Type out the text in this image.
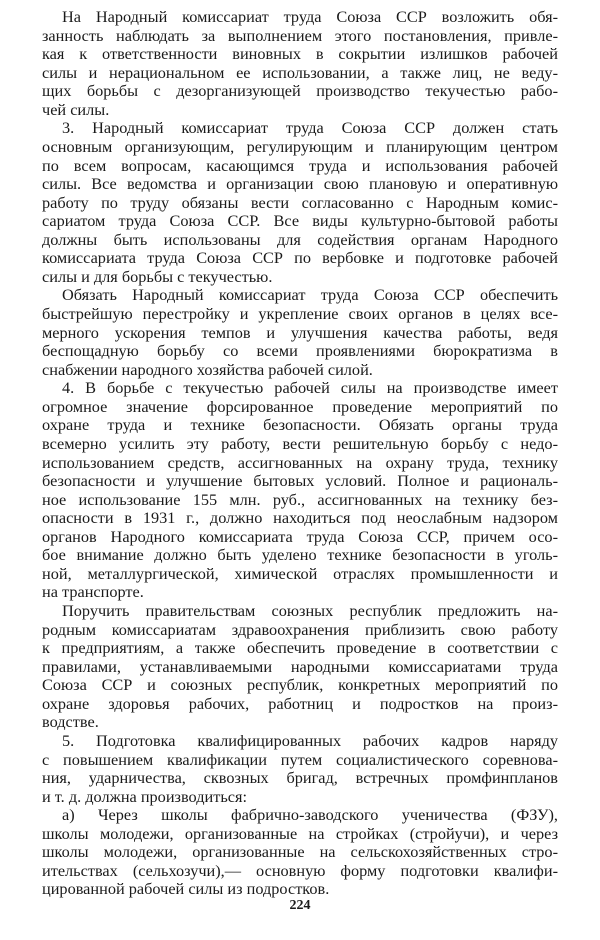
На Народный комиссариат труда Союза ССР возложить обя-
занность наблюдать за выполнением этого постановления, привле-
кая к ответственности виновных в сокрытии излишков рабочей
силы и нерациональном ее использовании, а также лиц, не веду-
щих борьбы с дезорганизующей производство текучестью рабо-
чей силы.
3. Народный комиссариат труда Союза ССР должен стать
основным организующим, регулирующим и планирующим центром
по всем вопросам, касающимся труда и использования рабочей
силы. Все ведомства и организации свою плановую и оперативную
работу по труду обязаны вести согласованно с Народным комис-
сариатом труда Союза ССР. Все виды культурно-бытовой работы
должны быть использованы для содействия органам Народного
комиссариата труда Союза ССР по вербовке и подготовке рабочей
силы и для борьбы с текучестью.
Обязать Народный комиссариат труда Союза ССР обеспечить
быстрейшую перестройку и укрепление своих органов в целях все-
мерного ускорения темпов и улучшения качества работы, ведя
беспощадную борьбу со всеми проявлениями бюрократизма в
снабжении народного хозяйства рабочей силой.
4. В борьбе с текучестью рабочей силы на производстве имеет
огромное значение форсированное проведение мероприятий по
охране труда и технике безопасности. Обязать органы труда
всемерно усилить эту работу, вести решительную борьбу с недо-
использованием средств, ассигнованных на охрану труда, технику
безопасности и улучшение бытовых условий. Полное и рациональ-
ное использование 155 млн. руб., ассигнованных на технику без-
опасности в 1931 г., должно находиться под неослабным надзором
органов Народного комиссариата труда Союза ССР, причем осо-
бое внимание должно быть уделено технике безопасности в уголь-
ной, металлургической, химической отраслях промышленности и
на транспорте.
Поручить правительствам союзных республик предложить на-
родным комиссариатам здравоохранения приблизить свою работу
к предприятиям, а также обеспечить проведение в соответствии с
правилами, устанавливаемыми народными комиссариатами труда
Союза ССР и союзных республик, конкретных мероприятий по
охране здоровья рабочих, работниц и подростков на произ-
водстве.
5. Подготовка квалифицированных рабочих кадров наряду
с повышением квалификации путем социалистического соревнова-
ния, ударничества, сквозных бригад, встречных промфинпланов
и т. д. должна производиться:
а) Через школы фабрично-заводского ученичества (ФЗУ),
школы молодежи, организованные на стройках (стройучи), и через
школы молодежи, организованные на сельскохозяйственных стро-
ительствах (сельхозучи),— основную форму подготовки квалифи-
цированной рабочей силы из подростков.
224
